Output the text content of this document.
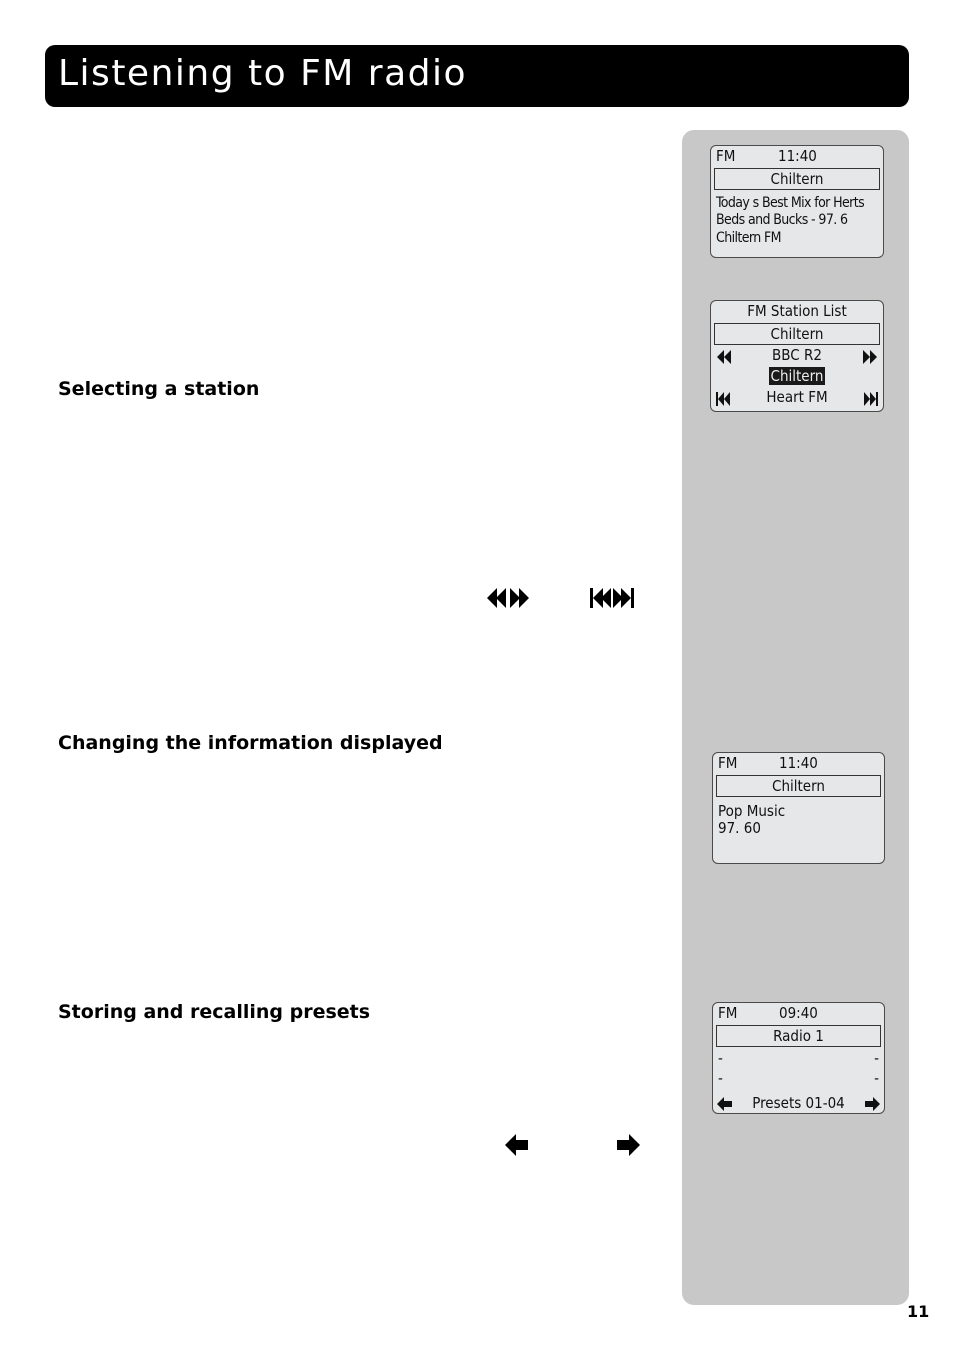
Listening to FM radio
Selecting a station
Changing the information displayed
Storing and recalling presets
FM	11:40
Chiltern
Today s Best Mix for Herts
Beds and Bucks - 97. 6
Chiltern FM
FM Station List
Chiltern
BBC R2
Chiltern
Heart FM
FM	11:40
Chiltern
Pop Music
97. 60
FM	09:40
Radio 1
-	-
-	-
Presets 01-04
11
